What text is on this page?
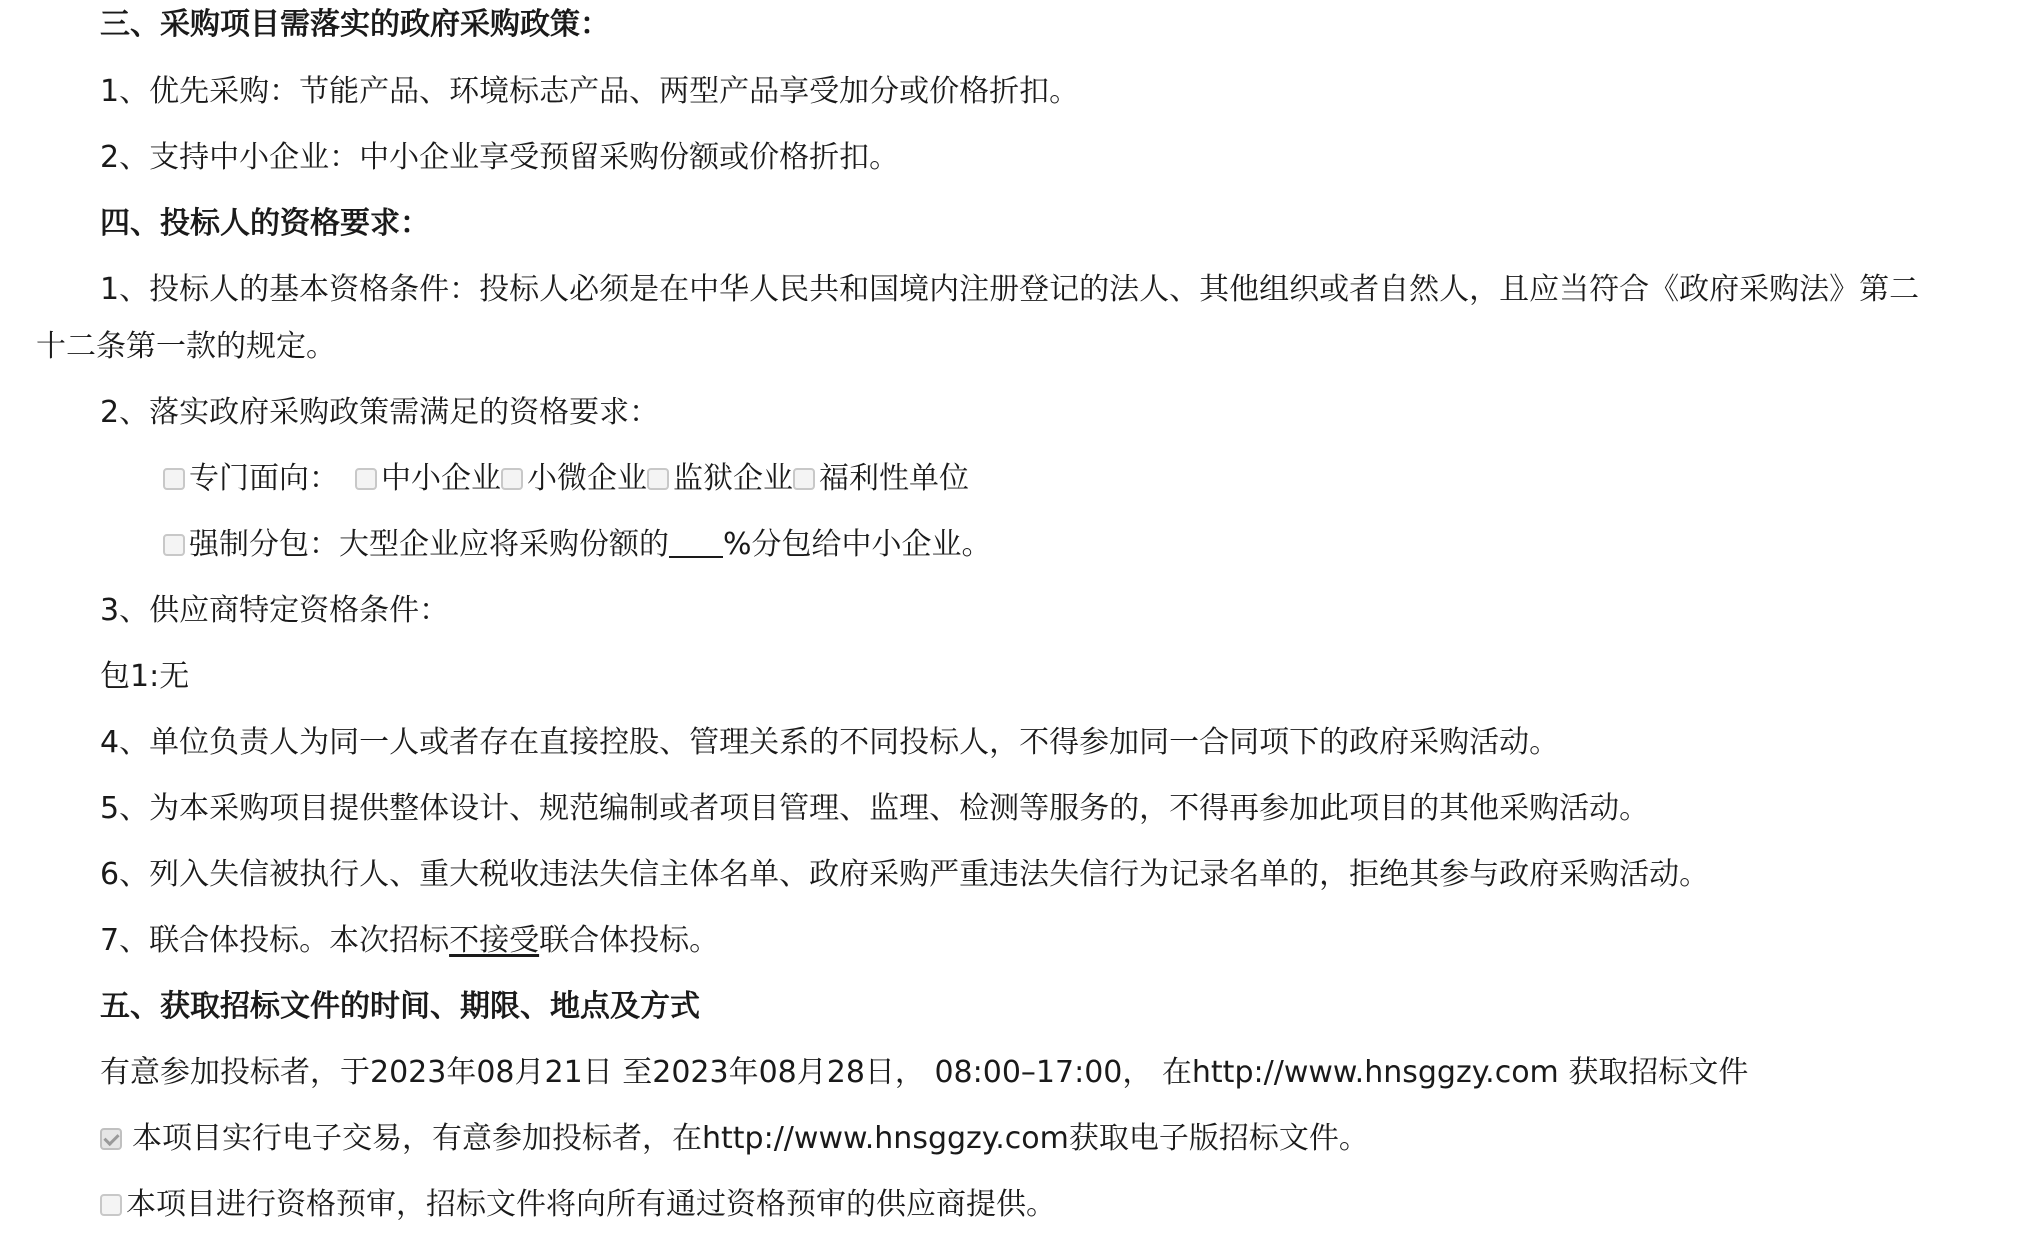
三、采购项目需落实的政府采购政策：
1、优先采购：节能产品、环境标志产品、两型产品享受加分或价格折扣。
2、支持中小企业：中小企业享受预留采购份额或价格折扣。
四、投标人的资格要求：
1、投标人的基本资格条件：投标人必须是在中华人民共和国境内注册登记的法人、其他组织或者自然人，且应当符合《政府采购法》第二
十二条第一款的规定。
2、落实政府采购政策需满足的资格要求：
专门面向： 中小企业 小微企业 监狱企业 福利性单位
强制分包：大型企业应将采购份额的 %分包给中小企业。
3、供应商特定资格条件：
包1:无
4、单位负责人为同一人或者存在直接控股、管理关系的不同投标人，不得参加同一合同项下的政府采购活动。
5、为本采购项目提供整体设计、规范编制或者项目管理、监理、检测等服务的，不得再参加此项目的其他采购活动。
6、列入失信被执行人、重大税收违法失信主体名单、政府采购严重违法失信行为记录名单的，拒绝其参与政府采购活动。
7、联合体投标。本次招标不接受联合体投标。
五、获取招标文件的时间、期限、地点及方式
有意参加投标者，于2023年08月21日 至2023年08月28日， 08:00–17:00， 在http://www.hnsggzy.com 获取招标文件
本项目实行电子交易，有意参加投标者，在http://www.hnsggzy.com获取电子版招标文件。
本项目进行资格预审，招标文件将向所有通过资格预审的供应商提供。
